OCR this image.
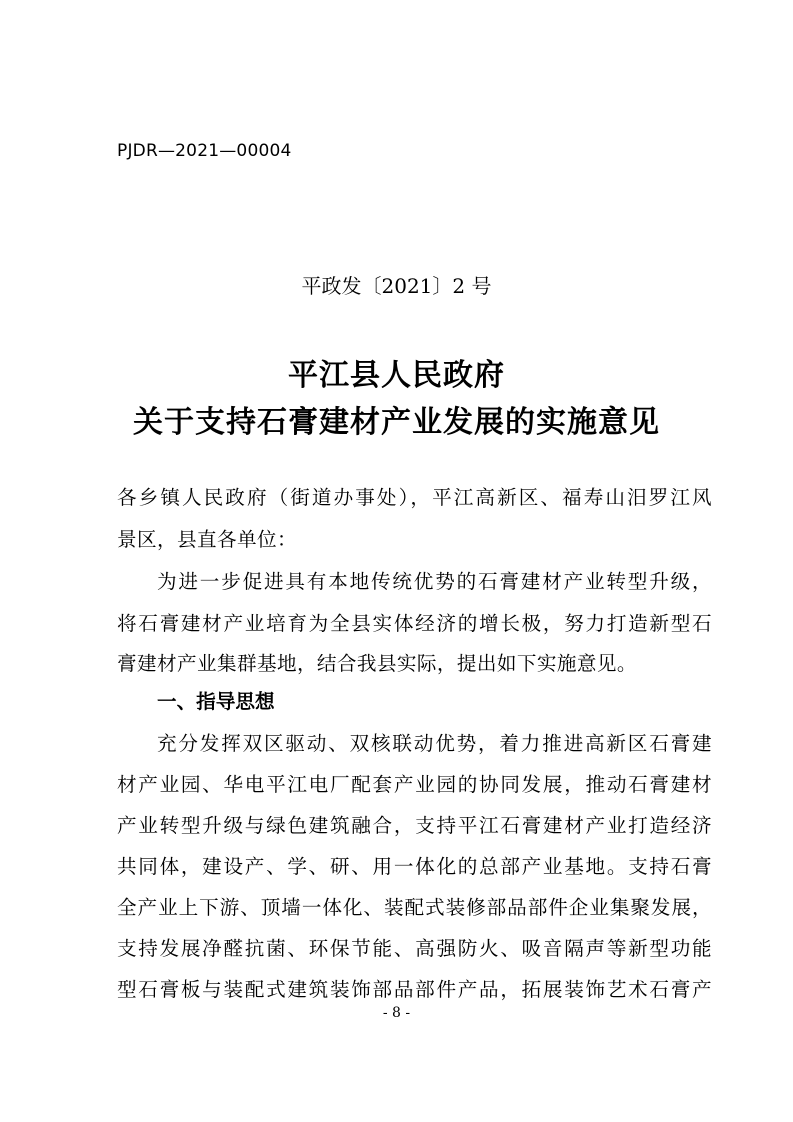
PJDR—2021—00004
平政发〔2021〕2 号
平江县人民政府
关于支持石膏建材产业发展的实施意见
各乡镇人民政府（街道办事处），平江高新区、福寿山汨罗江风
景区，县直各单位：
为进一步促进具有本地传统优势的石膏建材产业转型升级，
将石膏建材产业培育为全县实体经济的增长极，努力打造新型石
膏建材产业集群基地，结合我县实际，提出如下实施意见。
一、指导思想
充分发挥双区驱动、双核联动优势，着力推进高新区石膏建
材产业园、华电平江电厂配套产业园的协同发展，推动石膏建材
产业转型升级与绿色建筑融合，支持平江石膏建材产业打造经济
共同体，建设产、学、研、用一体化的总部产业基地。支持石膏
全产业上下游、顶墙一体化、装配式装修部品部件企业集聚发展，
支持发展净醛抗菌、环保节能、高强防火、吸音隔声等新型功能
型石膏板与装配式建筑装饰部品部件产品，拓展装饰艺术石膏产
- 8 -
